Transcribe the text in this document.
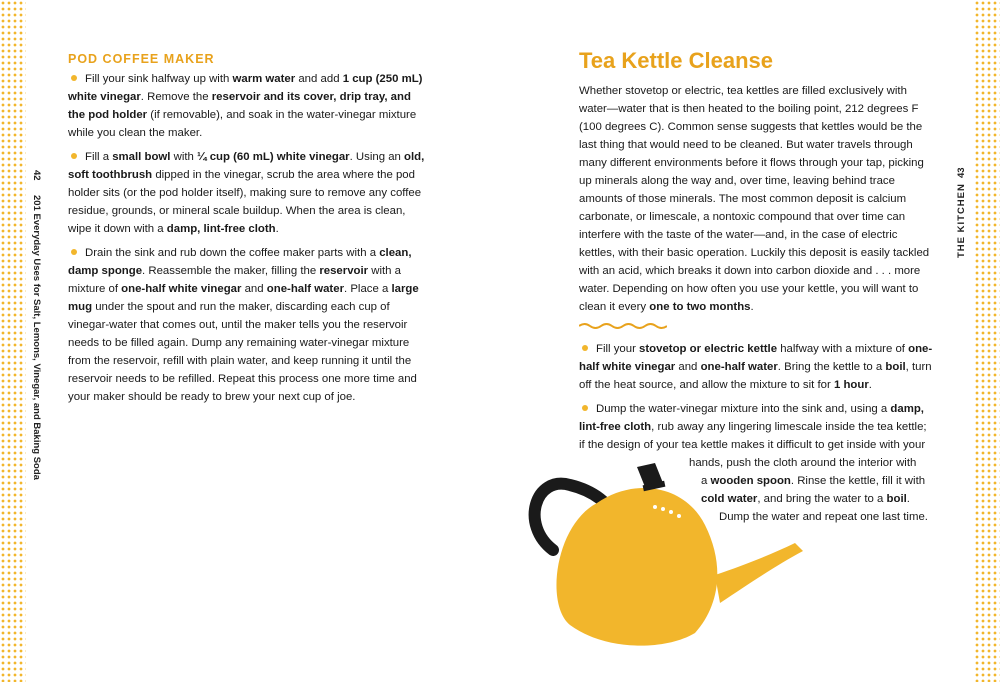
42
201 Everyday Uses for Salt, Lemons, Vinegar, and Baking Soda
43
THE KITCHEN
POD COFFEE MAKER

Fill your sink halfway up with warm water and add 1 cup (250 mL) white vinegar. Remove the reservoir and its cover, drip tray, and the pod holder (if removable), and soak in the water-vinegar mixture while you clean the maker.

Fill a small bowl with ¼ cup (60 mL) white vinegar. Using an old, soft toothbrush dipped in the vinegar, scrub the area where the pod holder sits (or the pod holder itself), making sure to remove any coffee residue, grounds, or mineral scale buildup. When the area is clean, wipe it down with a damp, lint-free cloth.

Drain the sink and rub down the coffee maker parts with a clean, damp sponge. Reassemble the maker, filling the reservoir with a mixture of one-half white vinegar and one-half water. Place a large mug under the spout and run the maker, discarding each cup of vinegar-water that comes out, until the maker tells you the reservoir needs to be filled again. Dump any remaining water-vinegar mixture from the reservoir, refill with plain water, and keep running it until the reservoir needs to be refilled. Repeat this process one more time and your maker should be ready to brew your next cup of joe.

Tea Kettle Cleanse

Whether stovetop or electric, tea kettles are filled exclusively with water—water that is then heated to the boiling point, 212 degrees F (100 degrees C). Common sense suggests that kettles would be the last thing that would need to be cleaned. But water travels through many different environments before it flows through your tap, picking up minerals along the way and, over time, leaving behind trace amounts of those minerals. The most common deposit is calcium carbonate, or limescale, a nontoxic compound that over time can interfere with the taste of the water—and, in the case of electric kettles, with their basic operation. Luckily this deposit is easily tackled with an acid, which breaks it down into carbon dioxide and . . . more water. Depending on how often you use your kettle, you will want to clean it every one to two months.

Fill your stovetop or electric kettle halfway with a mixture of one-half white vinegar and one-half water. Bring the kettle to a boil, turn off the heat source, and allow the mixture to sit for 1 hour.

Dump the water-vinegar mixture into the sink and, using a damp, lint-free cloth, rub away any lingering limescale inside the tea kettle; if the design of your tea kettle makes it difficult to get inside with your

hands, push the cloth around the interior with
a wooden spoon. Rinse the kettle, fill it with
cold water, and bring the water to a boil.
Dump the water and repeat one last time.
